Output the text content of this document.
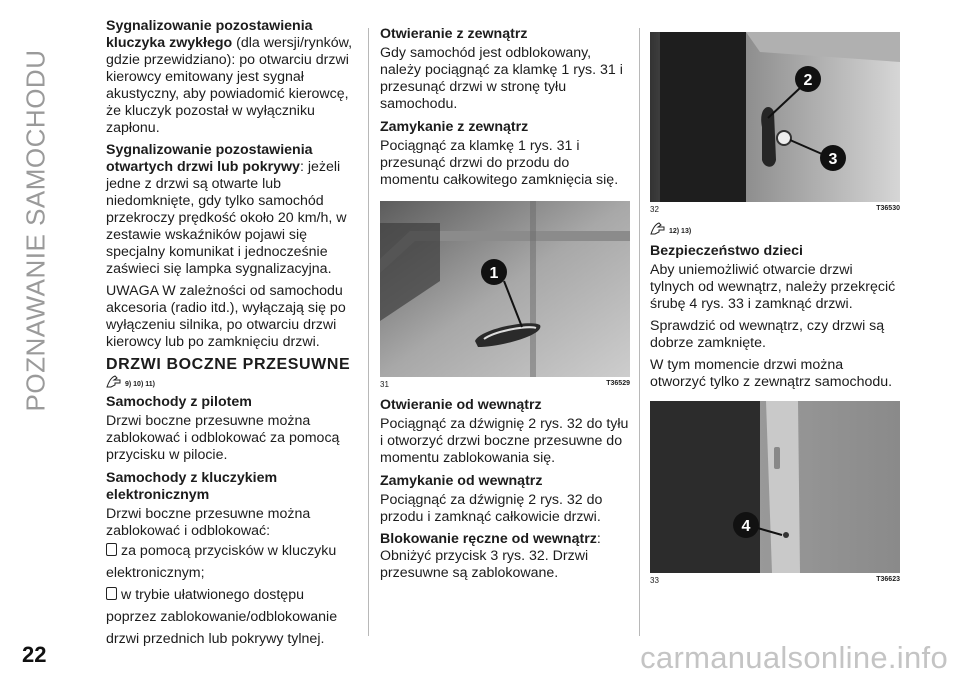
POZNAWANIE SAMOCHODU

Sygnalizowanie pozostawienia kluczyka zwykłego (dla wersji/rynków, gdzie przewidziano): po otwarciu drzwi kierowcy emitowany jest sygnał akustyczny, aby powiadomić kierowcę, że kluczyk pozostał w wyłączniku zapłonu.

Sygnalizowanie pozostawienia otwartych drzwi lub pokrywy: jeżeli jedne z drzwi są otwarte lub niedomknięte, gdy tylko samochód przekroczy prędkość około 20 km/h, w zestawie wskaźników pojawi się specjalny komunikat i jednocześnie zaświeci się lampka sygnalizacyjna.

UWAGA W zależności od samochodu akcesoria (radio itd.), wyłączają się po wyłączeniu silnika, po otwarciu drzwi kierowcy lub po zamknięciu drzwi.

DRZWI BOCZNE PRZESUWNE
9) 10) 11)
Samochody z pilotem

Drzwi boczne przesuwne można zablokować i odblokować za pomocą przycisku w pilocie.

Samochody z kluczykiem elektronicznym

Drzwi boczne przesuwne można zablokować i odblokować:

za pomocą przycisków w kluczyku elektronicznym;
w trybie ułatwionego dostępu poprzez zablokowanie/odblokowanie drzwi przednich lub pokrywy tylnej.
Otwieranie z zewnątrz

Gdy samochód jest odblokowany, należy pociągnąć za klamkę 1 rys. 31 i przesunąć drzwi w stronę tyłu samochodu.

Zamykanie z zewnątrz

Pociągnąć za klamkę 1 rys. 31 i przesunąć drzwi do przodu do momentu całkowitego zamknięcia się.

1
31	T36529
Otwieranie od wewnątrz

Pociągnąć za dźwignię 2 rys. 32 do tyłu i otworzyć drzwi boczne przesuwne do momentu zablokowania się.

Zamykanie od wewnątrz

Pociągnąć za dźwignię 2 rys. 32 do przodu i zamknąć całkowicie drzwi.

Blokowanie ręczne od wewnątrz: Obniżyć przycisk 3 rys. 32. Drzwi przesuwne są zablokowane.

2
3
32	T36530
12) 13)
Bezpieczeństwo dzieci

Aby uniemożliwić otwarcie drzwi tylnych od wewnątrz, należy przekręcić śrubę 4 rys. 33 i zamknąć drzwi.

Sprawdzić od wewnątrz, czy drzwi są dobrze zamknięte.

W tym momencie drzwi można otworzyć tylko z zewnątrz samochodu.

4
33	T36623
22	carmanualsonline.info
